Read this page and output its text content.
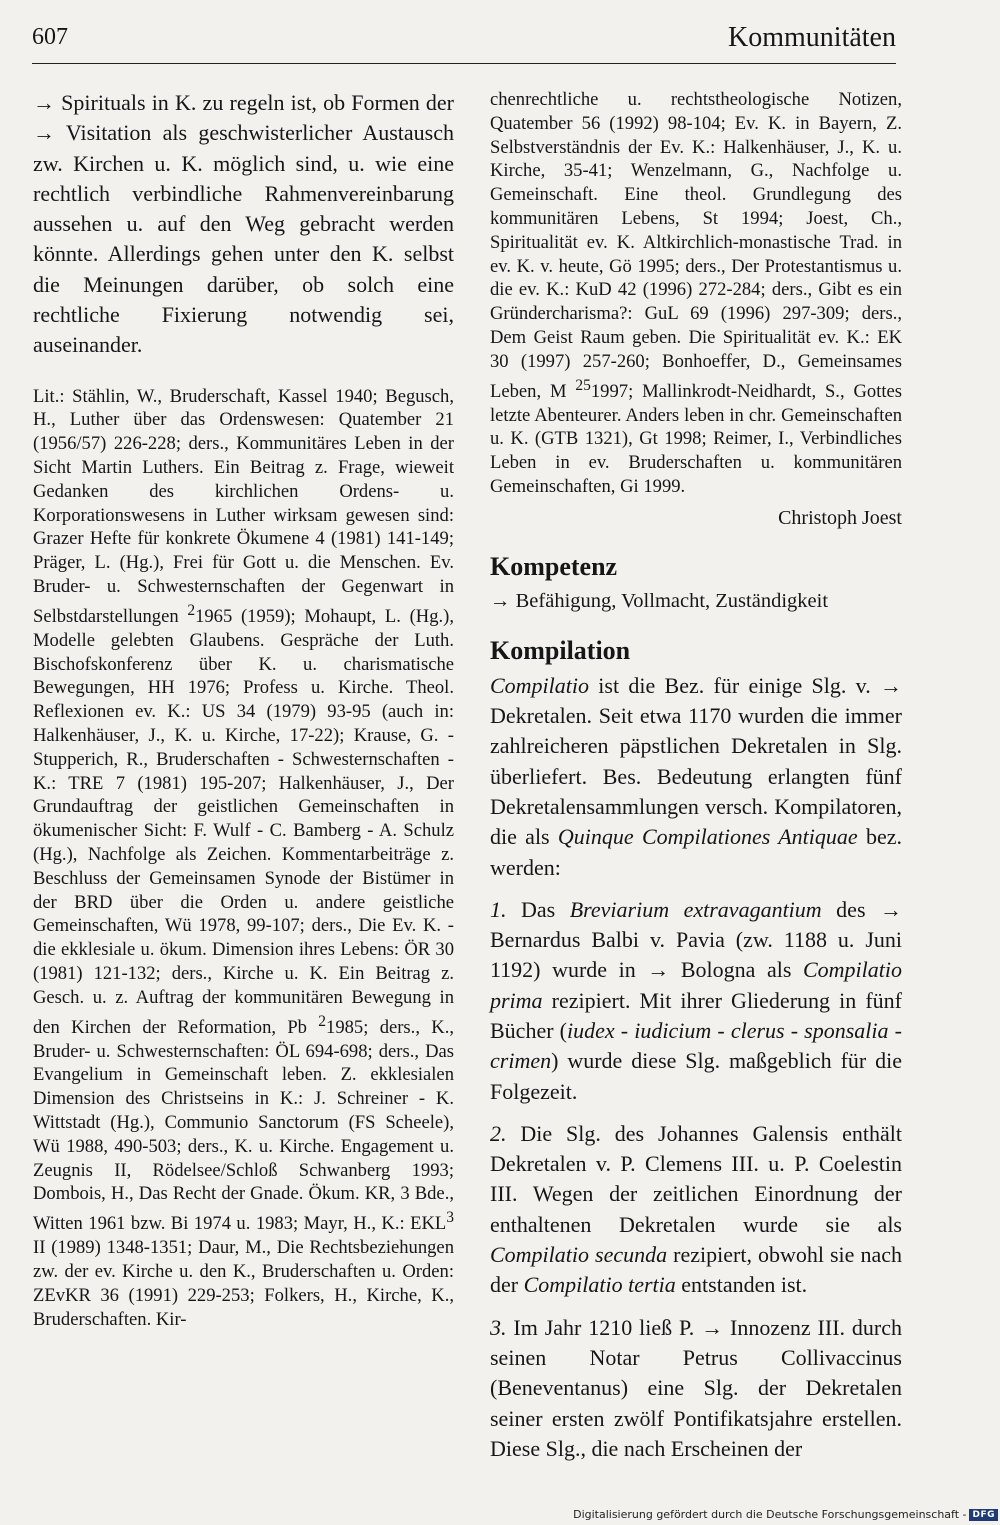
607	Kommunitäten

→ Spirituals in K. zu regeln ist, ob Formen der → Visitation als geschwisterlicher Austausch zw. Kirchen u. K. möglich sind, u. wie eine rechtlich verbindliche Rahmenvereinbarung aussehen u. auf den Weg gebracht werden könnte. Allerdings gehen unter den K. selbst die Meinungen darüber, ob solch eine rechtliche Fixierung notwendig sei, auseinander.

Lit.: Stählin, W., Bruderschaft, Kassel 1940; Begusch, H., Luther über das Ordenswesen: Quatember 21 (1956/57) 226-228; ders., Kommunitäres Leben in der Sicht Martin Luthers. Ein Beitrag z. Frage, wieweit Gedanken des kirchlichen Ordens- u. Korporationswesens in Luther wirksam gewesen sind: Grazer Hefte für konkrete Ökumene 4 (1981) 141-149; Präger, L. (Hg.), Frei für Gott u. die Menschen. Ev. Bruder- u. Schwesternschaften der Gegenwart in Selbstdarstellungen $^2$1965 (1959); Mohaupt, L. (Hg.), Modelle gelebten Glaubens. Gespräche der Luth. Bischofskonferenz über K. u. charismatische Bewegungen, HH 1976; Profess u. Kirche. Theol. Reflexionen ev. K.: US 34 (1979) 93-95 (auch in: Halkenhäuser, J., K. u. Kirche, 17-22); Krause, G. - Stupperich, R., Bruderschaften - Schwesternschaften - K.: TRE 7 (1981) 195-207; Halkenhäuser, J., Der Grundauftrag der geistlichen Gemeinschaften in ökumenischer Sicht: F. Wulf - C. Bamberg - A. Schulz (Hg.), Nachfolge als Zeichen. Kommentarbeiträge z. Beschluss der Gemeinsamen Synode der Bistümer in der BRD über die Orden u. andere geistliche Gemeinschaften, Wü 1978, 99-107; ders., Die Ev. K. - die ekklesiale u. ökum. Dimension ihres Lebens: ÖR 30 (1981) 121-132; ders., Kirche u. K. Ein Beitrag z. Gesch. u. z. Auftrag der kommunitären Bewegung in den Kirchen der Reformation, Pb $^2$1985; ders., K., Bruder- u. Schwesternschaften: ÖL 694-698; ders., Das Evangelium in Gemeinschaft leben. Z. ekklesialen Dimension des Christseins in K.: J. Schreiner - K. Wittstadt (Hg.), Communio Sanctorum (FS Scheele), Wü 1988, 490-503; ders., K. u. Kirche. Engagement u. Zeugnis II, Rödelsee/Schloß Schwanberg 1993; Dombois, H., Das Recht der Gnade. Ökum. KR, 3 Bde., Witten 1961 bzw. Bi 1974 u. 1983; Mayr, H., K.: EKL$^3$ II (1989) 1348-1351; Daur, M., Die Rechtsbeziehungen zw. der ev. Kirche u. den K., Bruderschaften u. Orden: ZEvKR 36 (1991) 229-253; Folkers, H., Kirche, K., Bruderschaften. Kir-

chenrechtliche u. rechtstheologische Notizen, Quatember 56 (1992) 98-104; Ev. K. in Bayern, Z. Selbstverständnis der Ev. K.: Halkenhäuser, J., K. u. Kirche, 35-41; Wenzelmann, G., Nachfolge u. Gemeinschaft. Eine theol. Grundlegung des kommunitären Lebens, St 1994; Joest, Ch., Spiritualität ev. K. Altkirchlich-monastische Trad. in ev. K. v. heute, Gö 1995; ders., Der Protestantismus u. die ev. K.: KuD 42 (1996) 272-284; ders., Gibt es ein Gründercharisma?: GuL 69 (1996) 297-309; ders., Dem Geist Raum geben. Die Spiritualität ev. K.: EK 30 (1997) 257-260; Bonhoeffer, D., Gemeinsames Leben, M $^{25}$1997; Mallinkrodt-Neidhardt, S., Gottes letzte Abenteurer. Anders leben in chr. Gemeinschaften u. K. (GTB 1321), Gt 1998; Reimer, I., Verbindliches Leben in ev. Bruderschaften u. kommunitären Gemeinschaften, Gi 1999.

Christoph Joest
Kompetenz
→ Befähigung, Vollmacht, Zuständigkeit
Kompilation

Compilatio ist die Bez. für einige Slg. v. → Dekretalen. Seit etwa 1170 wurden die immer zahlreicheren päpstlichen Dekretalen in Slg. überliefert. Bes. Bedeutung erlangten fünf Dekretalensammlungen versch. Kompilatoren, die als Quinque Compilationes Antiquae bez. werden:

1. Das Breviarium extravagantium des → Bernardus Balbi v. Pavia (zw. 1188 u. Juni 1192) wurde in → Bologna als Compilatio prima rezipiert. Mit ihrer Gliederung in fünf Bücher (iudex - iudicium - clerus - sponsalia - crimen) wurde diese Slg. maßgeblich für die Folgezeit.

2. Die Slg. des Johannes Galensis enthält Dekretalen v. P. Clemens III. u. P. Coelestin III. Wegen der zeitlichen Einordnung der enthaltenen Dekretalen wurde sie als Compilatio secunda rezipiert, obwohl sie nach der Compilatio tertia entstanden ist.

3. Im Jahr 1210 ließ P. → Innozenz III. durch seinen Notar Petrus Collivaccinus (Beneventanus) eine Slg. der Dekretalen seiner ersten zwölf Pontifikatsjahre erstellen. Diese Slg., die nach Erscheinen der

Digitalisierung gefördert durch die Deutsche Forschungsgemeinschaft - DFG
